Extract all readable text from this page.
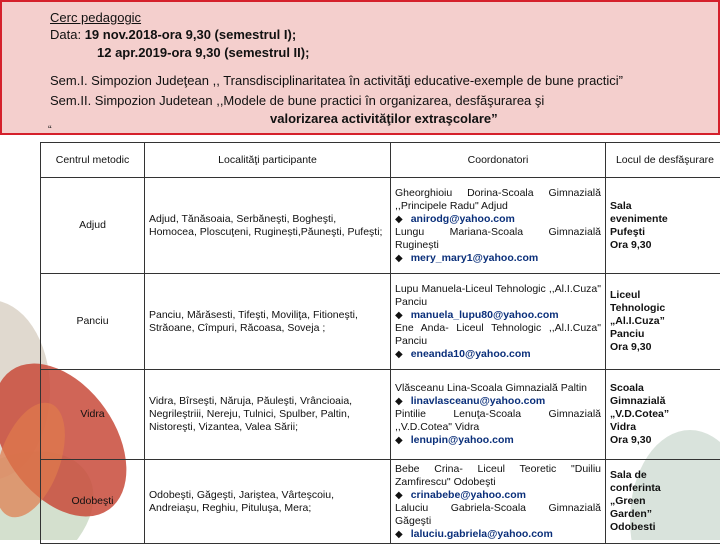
Cerc pedagogic
Data: 19 nov.2018-ora 9,30 (semestrul I);
12 apr.2019-ora 9,30 (semestrul II);
Sem.I. Simpozion Judeţean ,, Transdisciplinaritatea în activităţi educative-exemple de bune practici”
Sem.II. Simpozion Judetean ,,Modele de bune practici în organizarea, desfăşurarea şi
valorizarea activităţilor extraşcolare”
“
Centrul metodic	Localităţi participante	Coordonatori	Locul de desfăşurare
Adjud	Adjud, Tănăsoaia, Serbăneşti, Bogheşti, Homocea, Ploscuţeni, Ruginești,Păuneşti, Pufeşti;	Gheorghioiu Dorina-Scoala Gimnazială ,,Principele Radu" Adjud
◆ anirodg@yahoo.com
Lungu Mariana-Scoala Gimnazială Ruginești
◆ mery_mary1@yahoo.com	Sala
evenimente
Pufeşti
Ora 9,30

Panciu	Panciu, Mărăsesti, Tifeşti, Moviliţa, Fitioneşti, Străoane, Cîmpuri, Răcoasa, Soveja ;	Lupu Manuela-Liceul Tehnologic ,,Al.I.Cuza" Panciu
◆ manuela_lupu80@yahoo.com
Ene Anda- Liceul Tehnologic ,,Al.I.Cuza" Panciu
◆ eneanda10@yahoo.com	Liceul
Tehnologic
„Al.I.Cuza”
Panciu
Ora 9,30

Vidra	Vidra, Bîrseşti, Năruja, Păuleşti, Vrâncioaia, Negrileştriii, Nereju, Tulnici, Spulber, Paltin, Nistoreşti, Vizantea, Valea Sării;	Vlăsceanu Lina-Scoala Gimnazială Paltin
◆ linavlasceanu@yahoo.com
Pintilie Lenuţa-Scoala Gimnazială ,,V.D.Cotea" Vidra
◆ lenupin@yahoo.com	Scoala
Gimnazială
„V.D.Cotea”
Vidra
Ora 9,30

Odobeşti	Odobeşti, Găgeşti, Jariştea, Vârteşcoiu, Andreiaşu, Reghiu, Pituluşa, Mera;	Bebe Crina- Liceul Teoretic "Duiliu Zamfirescu" Odobeşti
◆ crinabebe@yahoo.com
Laluciu Gabriela-Scoala Gimnazială Găgeşti
◆ laluciu.gabriela@yahoo.com	Sala de
conferinta
„Green
Garden”
Odobesti
